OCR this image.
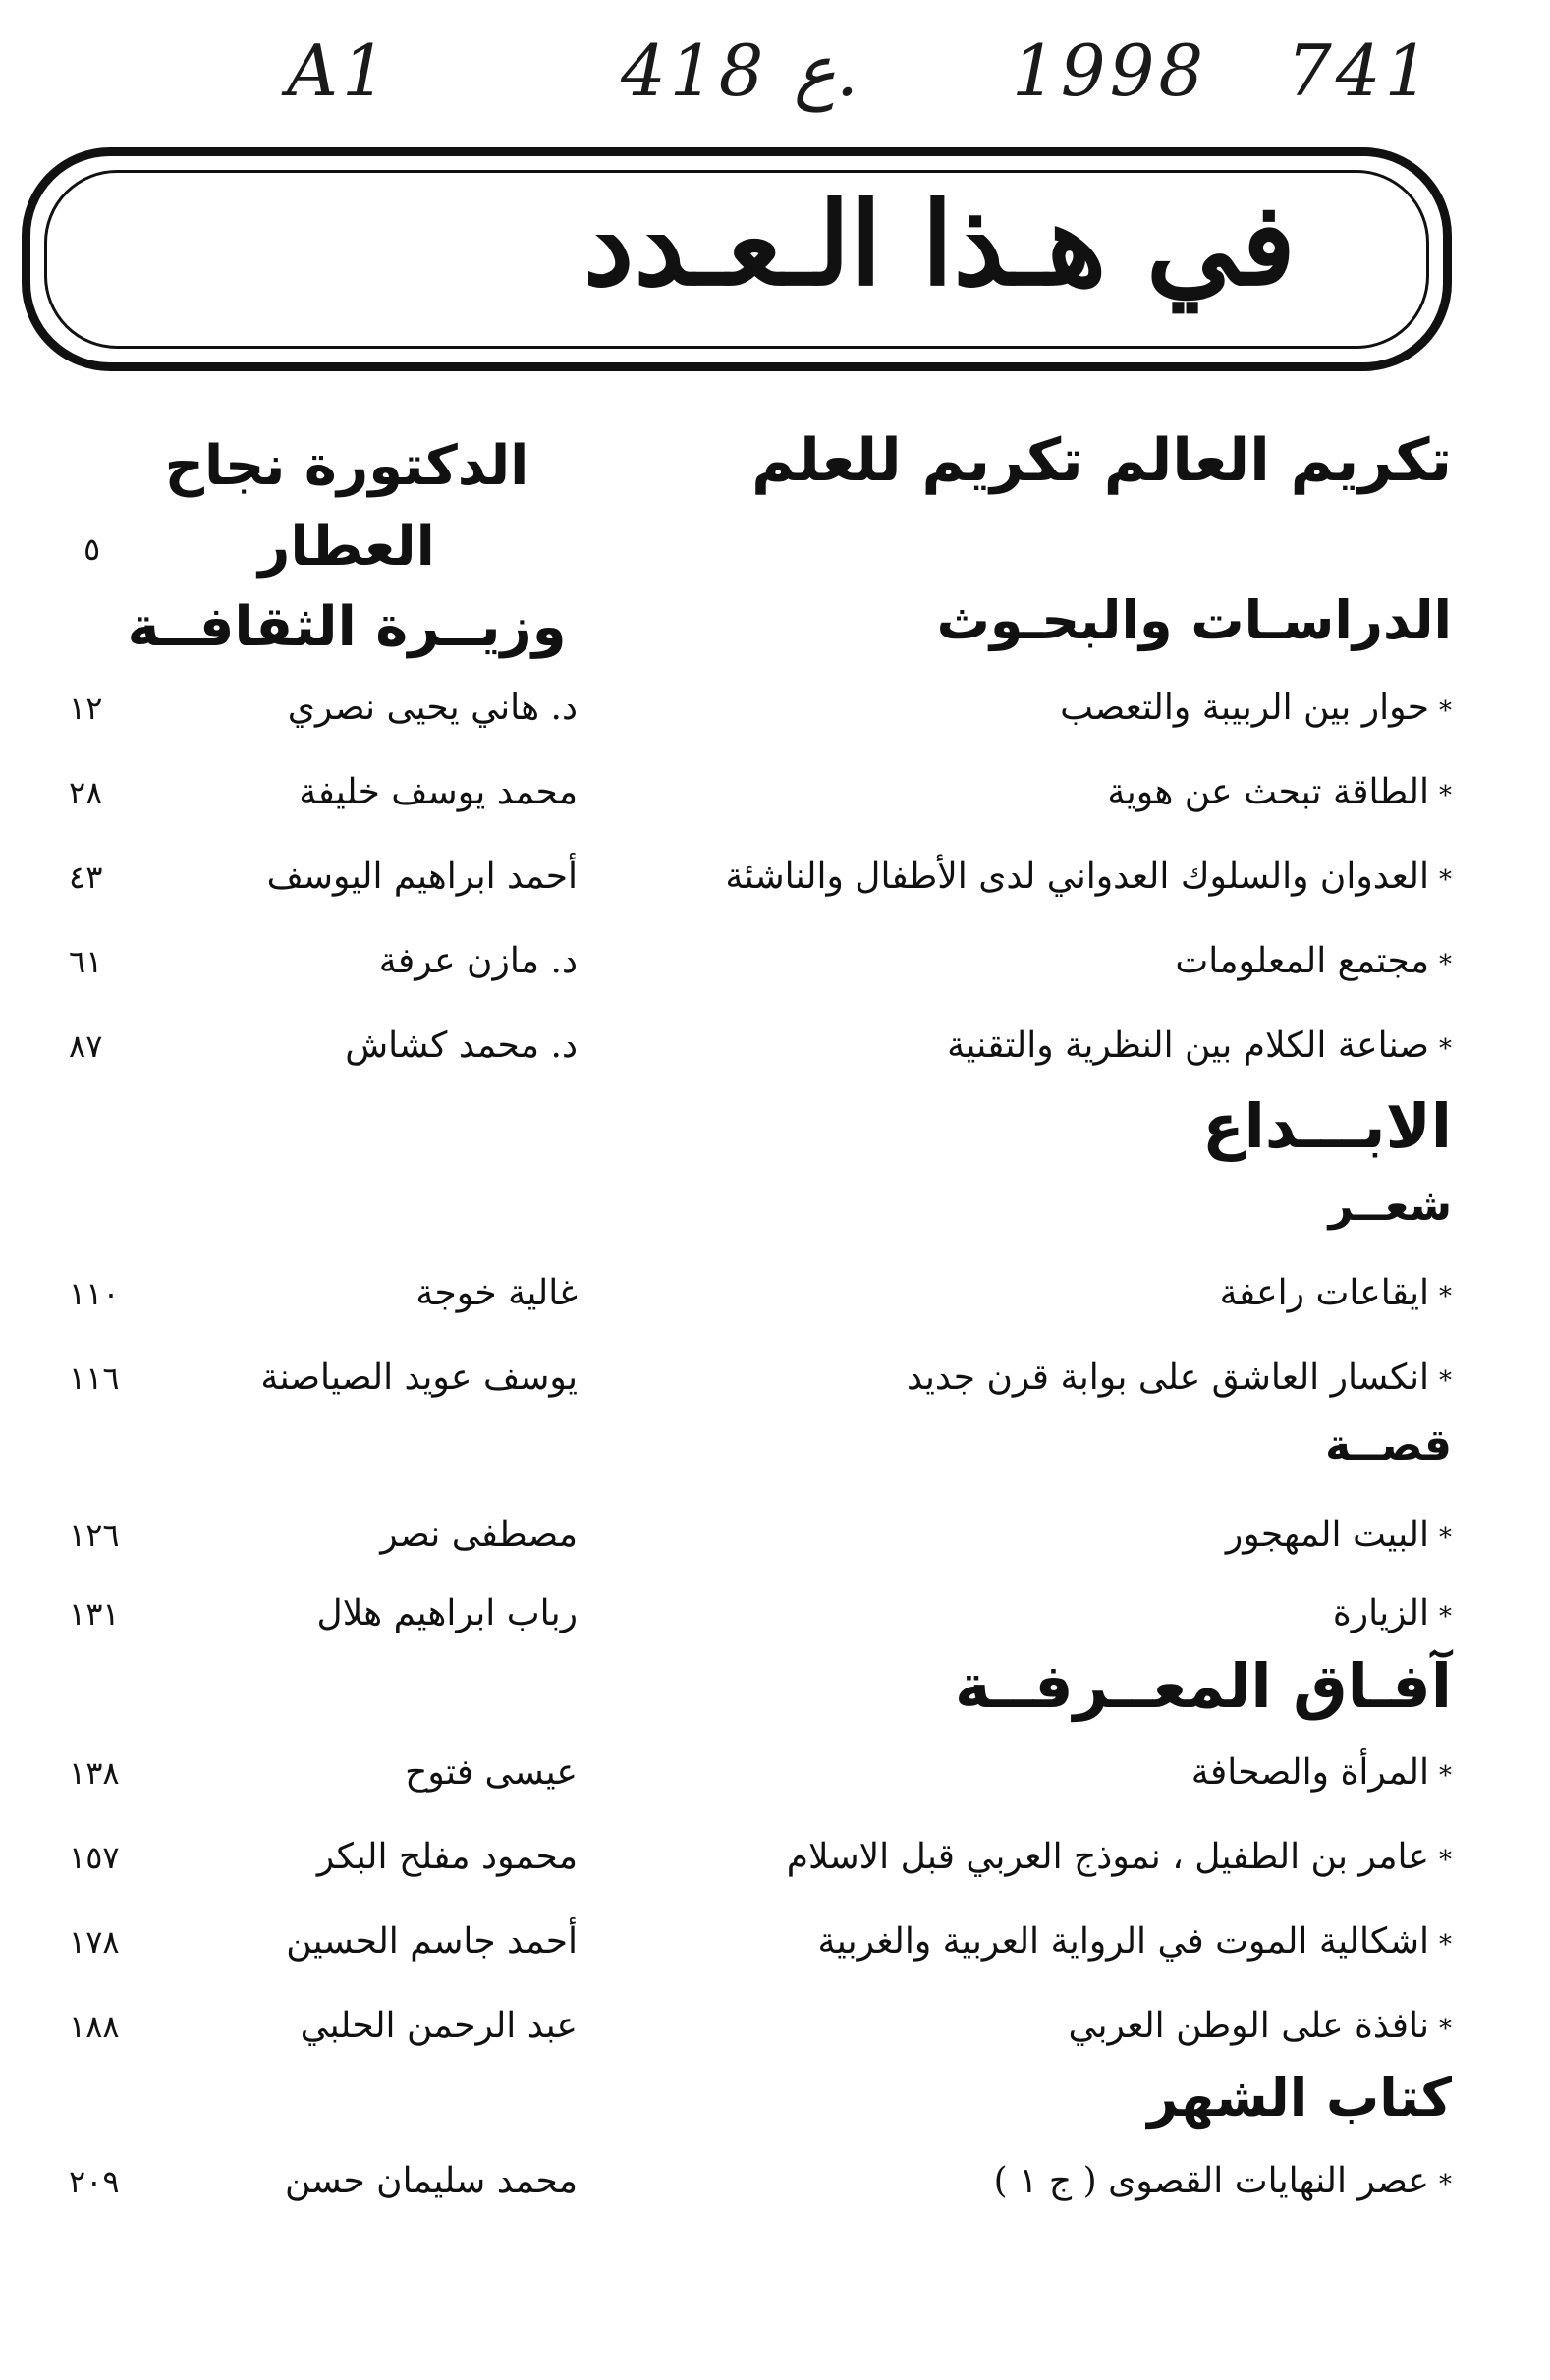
A1	418 ع. 1998 741
في هـذا الـعـدد
تكريم العالم تكريم للعلم
الدكتورة نجاح العطار
وزيــرة الثقافــة
٥
الدراسـات والبحـوث
*حوار بين الربيبة والتعصب
د. هاني يحيى نصري
١٢
*الطاقة تبحث عن هوية
محمد يوسف خليفة
٢٨
*العدوان والسلوك العدواني لدى الأطفال والناشئة
أحمد ابراهيم اليوسف
٤٣
*مجتمع المعلومات
د. مازن عرفة
٦١
*صناعة الكلام بين النظرية والتقنية
د. محمد كشاش
٨٧
الابـــداع
شعــر
*ايقاعات راعفة
غالية خوجة
١١٠
*انكسار العاشق على بوابة قرن جديد
يوسف عويد الصياصنة
١١٦
قصــة
*البيت المهجور
مصطفى نصر
١٢٦
*الزيارة
رباب ابراهيم هلال
١٣١
آفـاق المعــرفــة
*المرأة والصحافة
عيسى فتوح
١٣٨
*عامر بن الطفيل ، نموذج العربي قبل الاسلام
محمود مفلح البكر
١٥٧
*اشكالية الموت في الرواية العربية والغربية
أحمد جاسم الحسين
١٧٨
*نافذة على الوطن العربي
عبد الرحمن الحلبي
١٨٨
كتاب الشهر
*عصر النهايات القصوى ( ج ١ )
محمد سليمان حسن
٢٠٩
